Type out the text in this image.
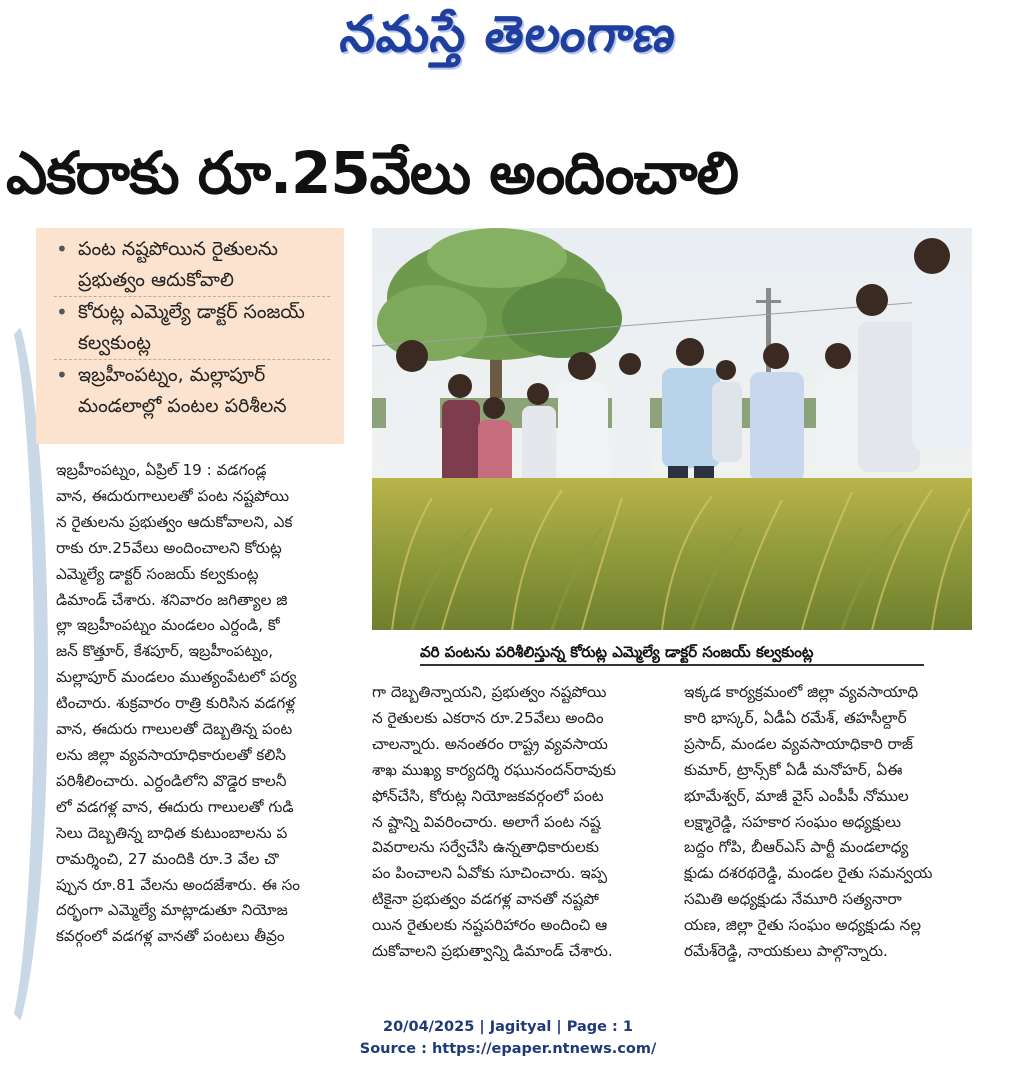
నమస్తే తెలంగాణ
ఎకరాకు రూ.25వేలు అందించాలి
• పంట నష్టపోయిన రైతులను ప్రభుత్వం ఆదుకోవాలి
• కోరుట్ల ఎమ్మెల్యే డాక్టర్ సంజయ్ కల్వకుంట్ల
• ఇబ్రహీంపట్నం, మల్లాపూర్ మండలాల్లో పంటల పరిశీలన
వరి పంటను పరిశీలిస్తున్న కోరుట్ల ఎమ్మెల్యే డాక్టర్ సంజయ్ కల్వకుంట్ల
ఇబ్రహీంపట్నం, ఏప్రిల్ 19 : వడగండ్ల
వాన, ఈదురుగాలులతో పంట నష్టపోయి
న రైతులను ప్రభుత్వం ఆదుకోవాలని, ఎక
రాకు రూ.25వేలు అందించాలని కోరుట్ల
ఎమ్మెల్యే డాక్టర్ సంజయ్ కల్వకుంట్ల
డిమాండ్ చేశారు. శనివారం జగిత్యాల జి
ల్లా ఇబ్రహీంపట్నం మండలం ఎర్దండి, కో
జన్ కొత్తూర్, కేశపూర్, ఇబ్రహీంపట్నం,
మల్లాపూర్ మండలం ముత్యంపేటలో పర్య
టించారు. శుక్రవారం రాత్రి కురిసిన వడగళ్ల
వాన, ఈదురు గాలులతో దెబ్బతిన్న పంట
లను జిల్లా వ్యవసాయాధికారులతో కలిసి
పరిశీలించారు. ఎర్దండిలోని వొడ్డెర కాలనీ
లో వడగళ్ల వాన, ఈదురు గాలులతో గుడి
సెలు దెబ్బతిన్న బాధిత కుటుంబాలను ప
రామర్శించి, 27 మందికి రూ.3 వేల చొ
ప్పున రూ.81 వేలను అందజేశారు. ఈ సం
దర్భంగా ఎమ్మెల్యే మాట్లాడుతూ నియోజ
కవర్గంలో వడగళ్ల వానతో పంటలు తీవ్రం
గా దెబ్బతిన్నాయని, ప్రభుత్వం నష్టపోయి
న రైతులకు ఎకరాన రూ.25వేలు అందిం
చాలన్నారు. అనంతరం రాష్ట్ర వ్యవసాయ
శాఖ ముఖ్య కార్యదర్శి రఘునందన్‌రావుకు
ఫోన్‌చేసి, కోరుట్ల నియోజకవర్గంలో పంట
న ష్టాన్ని వివరించారు. అలాగే పంట నష్ట
వివరాలను సర్వేచేసి ఉన్నతాధికారులకు
పం పించాలని ఏవోకు సూచించారు. ఇప్ప
టికైనా ప్రభుత్వం వడగళ్ల వానతో నష్టపో
యిన రైతులకు నష్టపరిహారం అందించి ఆ
దుకోవాలని ప్రభుత్వాన్ని డిమాండ్ చేశారు.
ఇక్కడ కార్యక్రమంలో జిల్లా వ్యవసాయాధి
కారి భాస్కర్, ఏడీఏ రమేశ్, తహసీల్దార్
ప్రసాద్, మండల వ్యవసాయాధికారి రాజ్
కుమార్, ట్రాన్స్‌కో ఏడీ మనోహర్, ఏఈ
భూమేశ్వర్, మాజీ వైస్ ఎంపీపీ నోముల
లక్ష్మారెడ్డి, సహకార సంఘం అధ్యక్షులు
బద్దం గోపి, బీఆర్‌ఎస్ పార్టీ మండలాధ్య
క్షుడు దశరథరెడ్డి, మండల రైతు సమన్వయ
సమితి అధ్యక్షుడు నేమూరి సత్యనారా
యణ, జిల్లా రైతు సంఘం అధ్యక్షుడు నల్ల
రమేశ్‌రెడ్డి, నాయకులు పాల్గొన్నారు.
20/04/2025 | Jagityal | Page : 1
Source : https://epaper.ntnews.com/
